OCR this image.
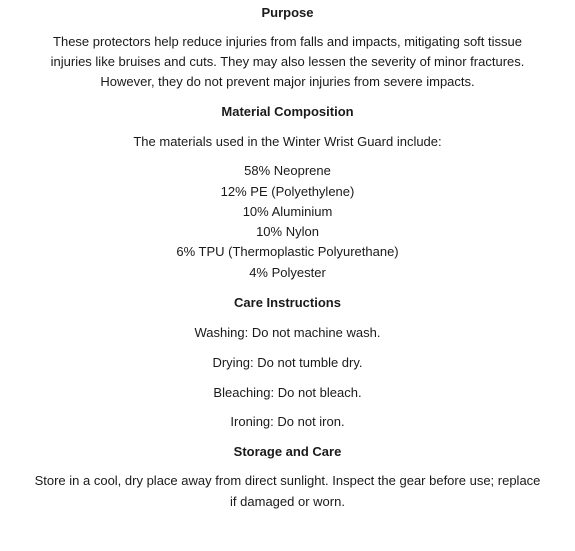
Purpose
These protectors help reduce injuries from falls and impacts, mitigating soft tissue
injuries like bruises and cuts. They may also lessen the severity of minor fractures.
However, they do not prevent major injuries from severe impacts.
Material Composition
The materials used in the Winter Wrist Guard include:
58% Neoprene
12% PE (Polyethylene)
10% Aluminium
10% Nylon
6% TPU (Thermoplastic Polyurethane)
4% Polyester
Care Instructions
Washing: Do not machine wash.
Drying: Do not tumble dry.
Bleaching: Do not bleach.
Ironing: Do not iron.
Storage and Care
Store in a cool, dry place away from direct sunlight. Inspect the gear before use; replace
if damaged or worn.
